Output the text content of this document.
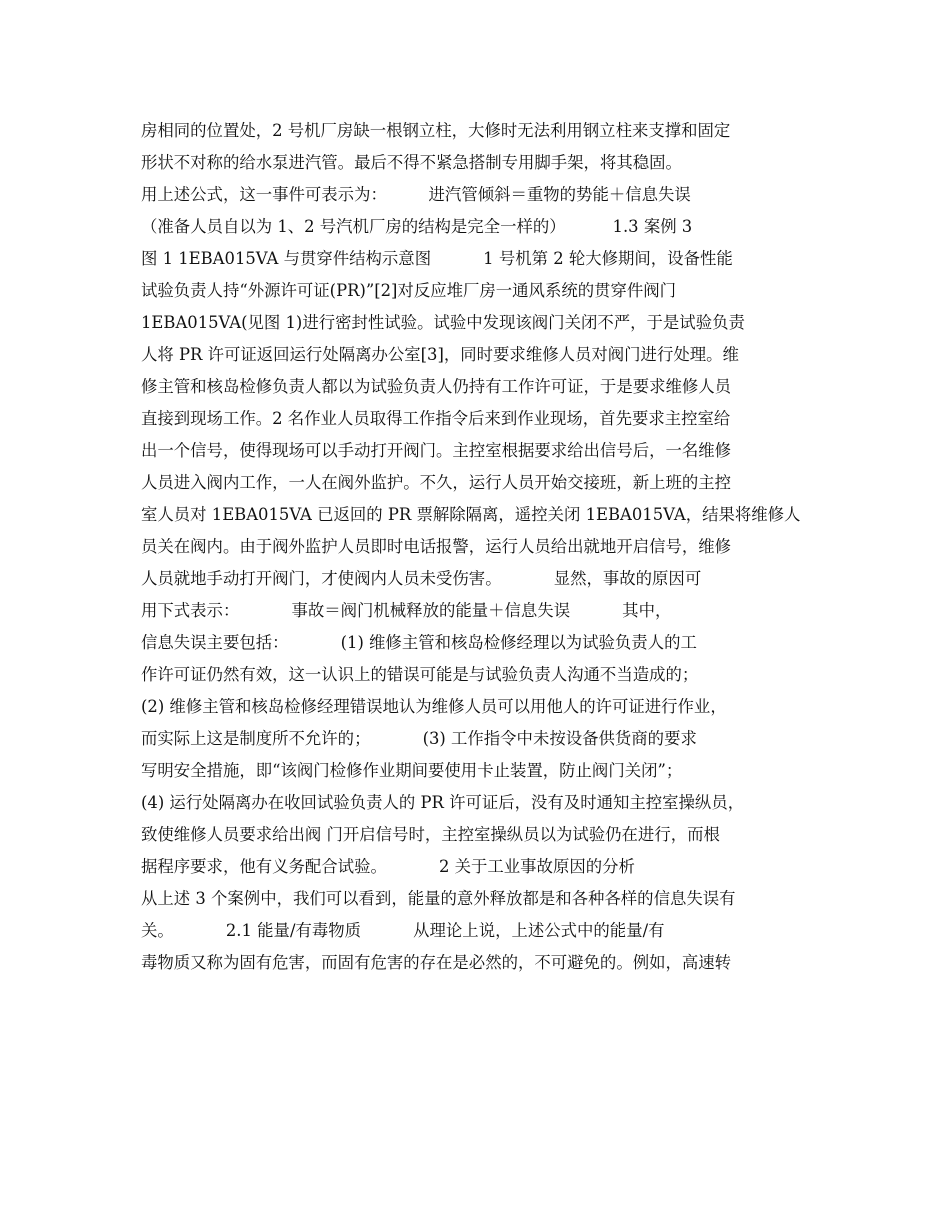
房相同的位置处，2 号机厂房缺一根钢立柱，大修时无法利用钢立柱来支撑和固定
形状不对称的给水泵进汽管。最后不得不紧急搭制专用脚手架，将其稳固。
用上述公式，这一事件可表示为：        进汽管倾斜＝重物的势能＋信息失误
（准备人员自以为 1、2 号汽机厂房的结构是完全一样的）         1.3 案例 3
图 1 1EBA015VA 与贯穿件结构示意图          1 号机第 2 轮大修期间，设备性能
试验负责人持“外源许可证(PR)”[2]对反应堆厂房一通风系统的贯穿件阀门
1EBA015VA(见图 1)进行密封性试验。试验中发现该阀门关闭不严，于是试验负责
人将 PR 许可证返回运行处隔离办公室[3]，同时要求维修人员对阀门进行处理。维
修主管和核岛检修负责人都以为试验负责人仍持有工作许可证，于是要求维修人员
直接到现场工作。2 名作业人员取得工作指令后来到作业现场，首先要求主控室给
出一个信号，使得现场可以手动打开阀门。主控室根据要求给出信号后，一名维修
人员进入阀内工作，一人在阀外监护。不久，运行人员开始交接班，新上班的主控
室人员对 1EBA015VA 已返回的 PR 票解除隔离，遥控关闭 1EBA015VA，结果将维修人
员关在阀内。由于阀外监护人员即时电话报警，运行人员给出就地开启信号，维修
人员就地手动打开阀门，才使阀内人员未受伤害。          显然，事故的原因可
用下式表示：          事故＝阀门机械释放的能量＋信息失误          其中，
信息失误主要包括：          (1) 维修主管和核岛检修经理以为试验负责人的工
作许可证仍然有效，这一认识上的错误可能是与试验负责人沟通不当造成的；
(2) 维修主管和核岛检修经理错误地认为维修人员可以用他人的许可证进行作业，
而实际上这是制度所不允许的；          (3) 工作指令中未按设备供货商的要求
写明安全措施，即“该阀门检修作业期间要使用卡止装置，防止阀门关闭”；
(4) 运行处隔离办在收回试验负责人的 PR 许可证后，没有及时通知主控室操纵员，
致使维修人员要求给出阀 门开启信号时，主控室操纵员以为试验仍在进行，而根
据程序要求，他有义务配合试验。          2 关于工业事故原因的分析
从上述 3 个案例中，我们可以看到，能量的意外释放都是和各种各样的信息失误有
关。          2.1 能量/有毒物质          从理论上说，上述公式中的能量/有
毒物质又称为固有危害，而固有危害的存在是必然的，不可避免的。例如，高速转
